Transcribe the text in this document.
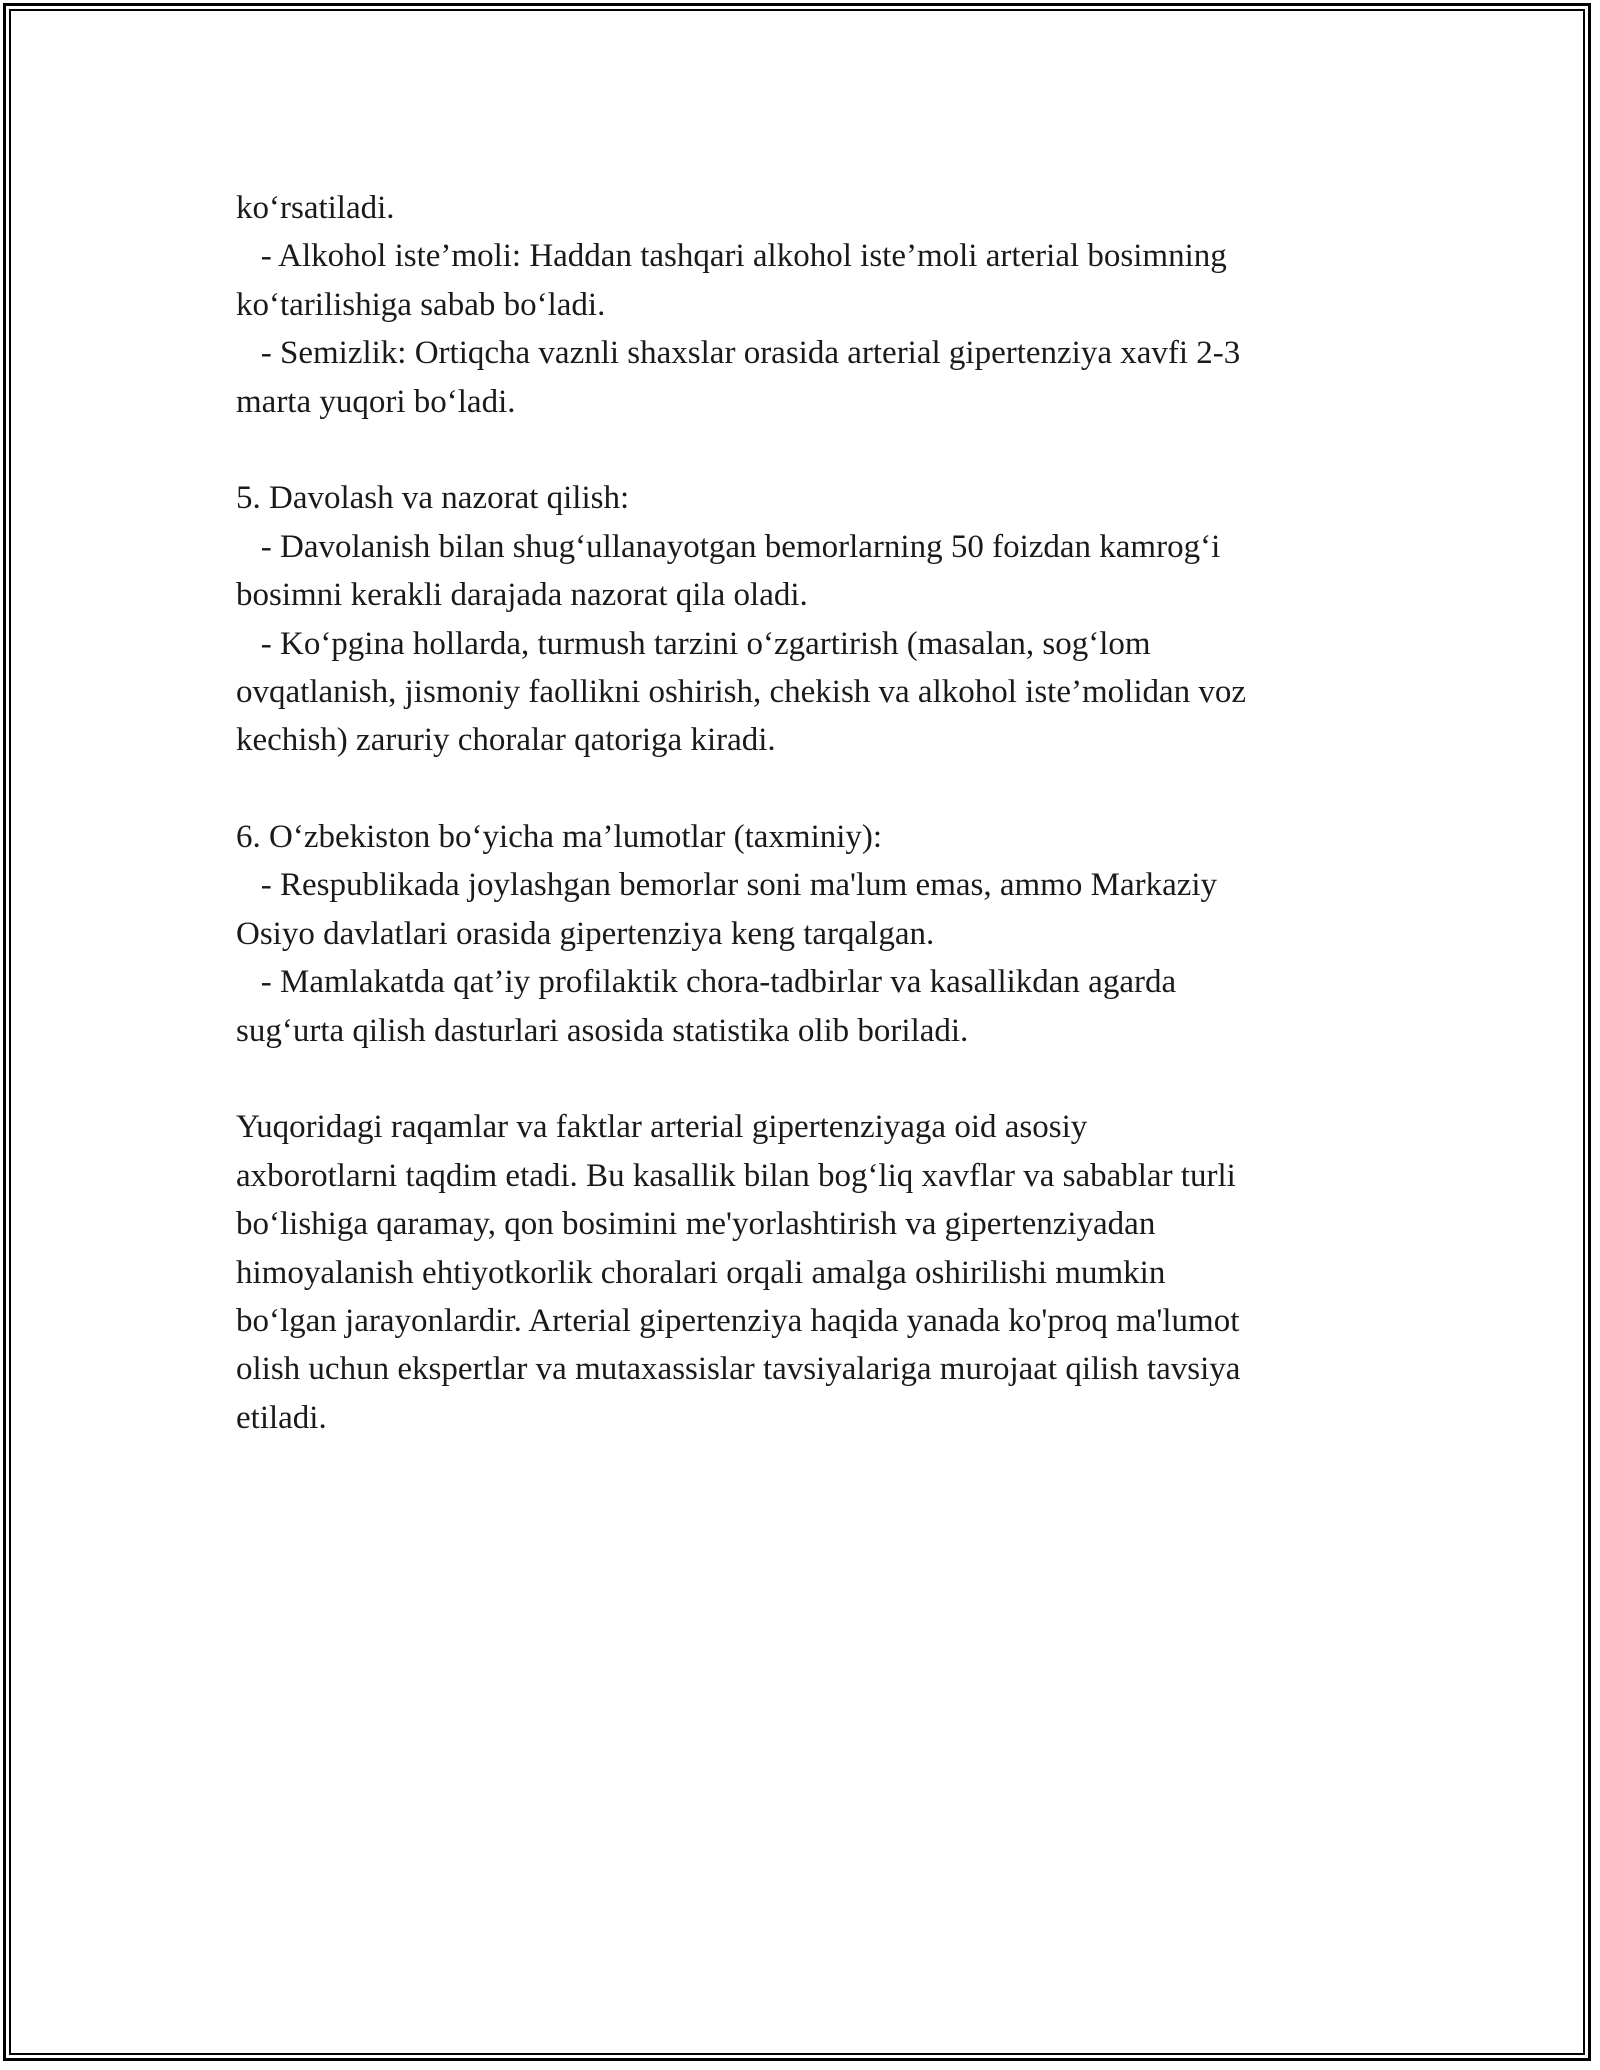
ko‘rsatiladi.
- Alkohol iste’moli: Haddan tashqari alkohol iste’moli arterial bosimning
ko‘tarilishiga sabab bo‘ladi.
- Semizlik: Ortiqcha vaznli shaxslar orasida arterial gipertenziya xavfi 2-3
marta yuqori bo‘ladi.
5. Davolash va nazorat qilish:
- Davolanish bilan shug‘ullanayotgan bemorlarning 50 foizdan kamrog‘i
bosimni kerakli darajada nazorat qila oladi.
- Ko‘pgina hollarda, turmush tarzini o‘zgartirish (masalan, sog‘lom
ovqatlanish, jismoniy faollikni oshirish, chekish va alkohol iste’molidan voz
kechish) zaruriy choralar qatoriga kiradi.
6. O‘zbekiston bo‘yicha ma’lumotlar (taxminiy):
- Respublikada joylashgan bemorlar soni ma'lum emas, ammo Markaziy
Osiyo davlatlari orasida gipertenziya keng tarqalgan.
- Mamlakatda qat’iy profilaktik chora-tadbirlar va kasallikdan agarda
sug‘urta qilish dasturlari asosida statistika olib boriladi.
Yuqoridagi raqamlar va faktlar arterial gipertenziyaga oid asosiy
axborotlarni taqdim etadi. Bu kasallik bilan bog‘liq xavflar va sabablar turli
bo‘lishiga qaramay, qon bosimini me'yorlashtirish va gipertenziyadan
himoyalanish ehtiyotkorlik choralari orqali amalga oshirilishi mumkin
bo‘lgan jarayonlardir. Arterial gipertenziya haqida yanada ko'proq ma'lumot
olish uchun ekspertlar va mutaxassislar tavsiyalariga murojaat qilish tavsiya
etiladi.
